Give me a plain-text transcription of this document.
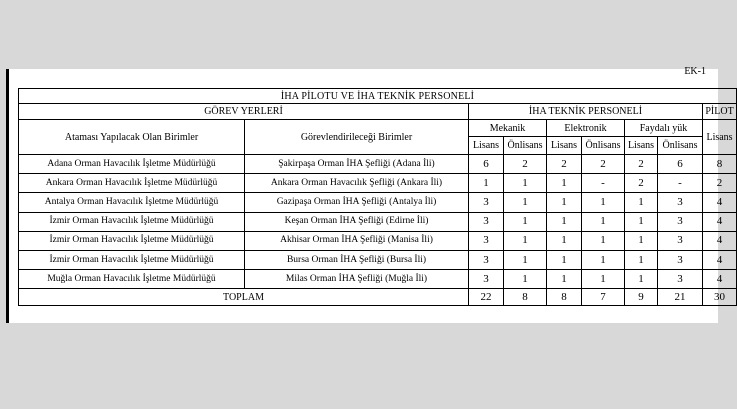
EK-1
İHA PİLOTU VE İHA TEKNİK PERSONELİ								
GÖREV YERLERİ		İHA TEKNİK PERSONELİ						PİLOT
Ataması Yapılacak Olan Birimler	Görevlendirileceği Birimler	Mekanik		Elektronik		Faydalı yük		Lisans
		Lisans	Önlisans	Lisans	Önlisans	Lisans	Önlisans	
Adana Orman Havacılık İşletme Müdürlüğü	Şakirpaşa Orman İHA Şefliği (Adana İli)	6	2	2	2	2	6	8
Ankara Orman Havacılık İşletme Müdürlüğü	Ankara Orman Havacılık Şefliği (Ankara İli)	1	1	1	-	2	-	2
Antalya Orman Havacılık İşletme Müdürlüğü	Gazipaşa Orman İHA Şefliği (Antalya İli)	3	1	1	1	1	3	4
İzmir Orman Havacılık İşletme Müdürlüğü	Keşan Orman İHA Şefliği (Edirne İli)	3	1	1	1	1	3	4
İzmir Orman Havacılık İşletme Müdürlüğü	Akhisar Orman İHA Şefliği (Manisa İli)	3	1	1	1	1	3	4
İzmir Orman Havacılık İşletme Müdürlüğü	Bursa Orman İHA Şefliği (Bursa İli)	3	1	1	1	1	3	4
Muğla Orman Havacılık İşletme Müdürlüğü	Milas Orman İHA Şefliği (Muğla İli)	3	1	1	1	1	3	4
TOPLAM		22	8	8	7	9	21	30
